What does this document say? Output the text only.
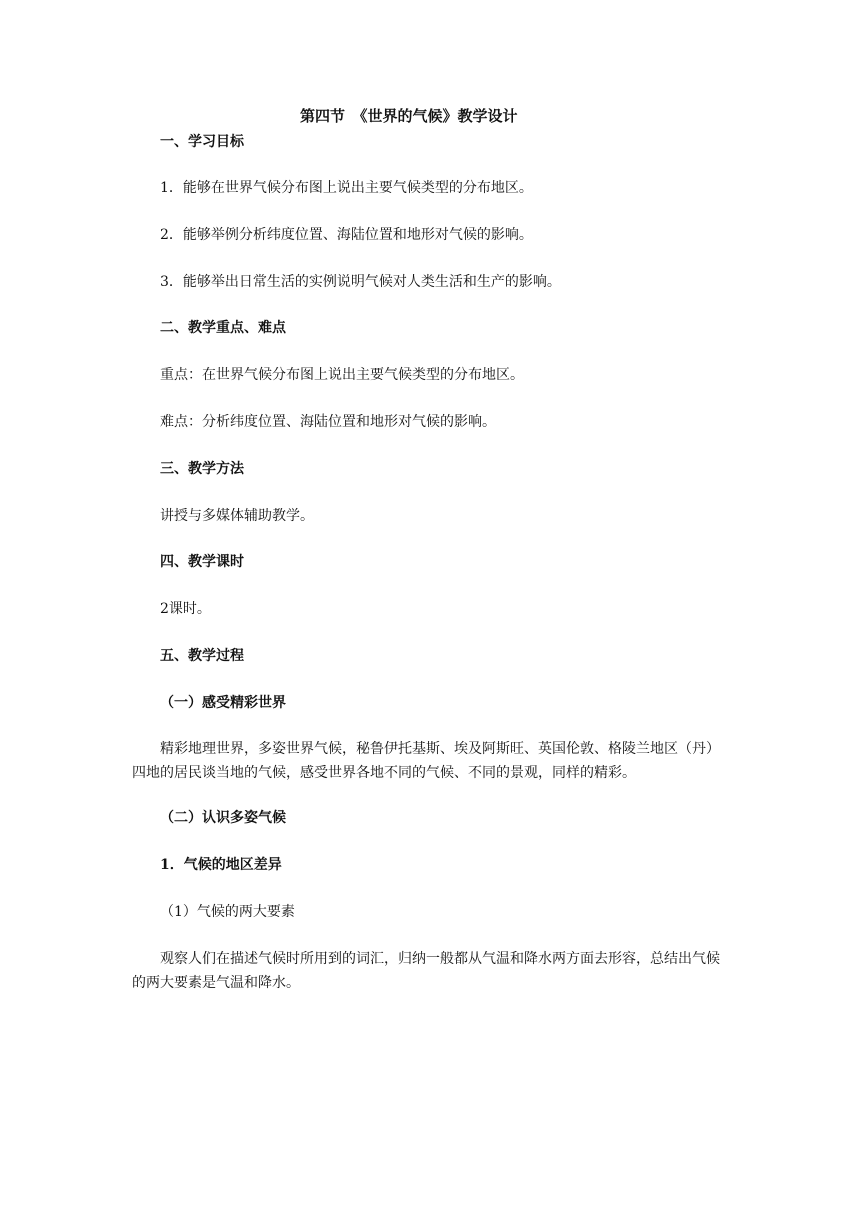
第四节　《世界的气候》教学设计
一、学习目标
1．能够在世界气候分布图上说出主要气候类型的分布地区。
2．能够举例分析纬度位置、海陆位置和地形对气候的影响。
3．能够举出日常生活的实例说明气候对人类生活和生产的影响。
二、教学重点、难点
重点：在世界气候分布图上说出主要气候类型的分布地区。
难点：分析纬度位置、海陆位置和地形对气候的影响。
三、教学方法
讲授与多媒体辅助教学。
四、教学课时
2课时。
五、教学过程
（一）感受精彩世界
精彩地理世界，多姿世界气候，秘鲁伊托基斯、埃及阿斯旺、英国伦敦、格陵兰地区（丹）四地的居民谈当地的气候，感受世界各地不同的气候、不同的景观，同样的精彩。
（二）认识多姿气候
1．气候的地区差异
（1）气候的两大要素
观察人们在描述气候时所用到的词汇，归纳一般都从气温和降水两方面去形容，总结出气候的两大要素是气温和降水。
